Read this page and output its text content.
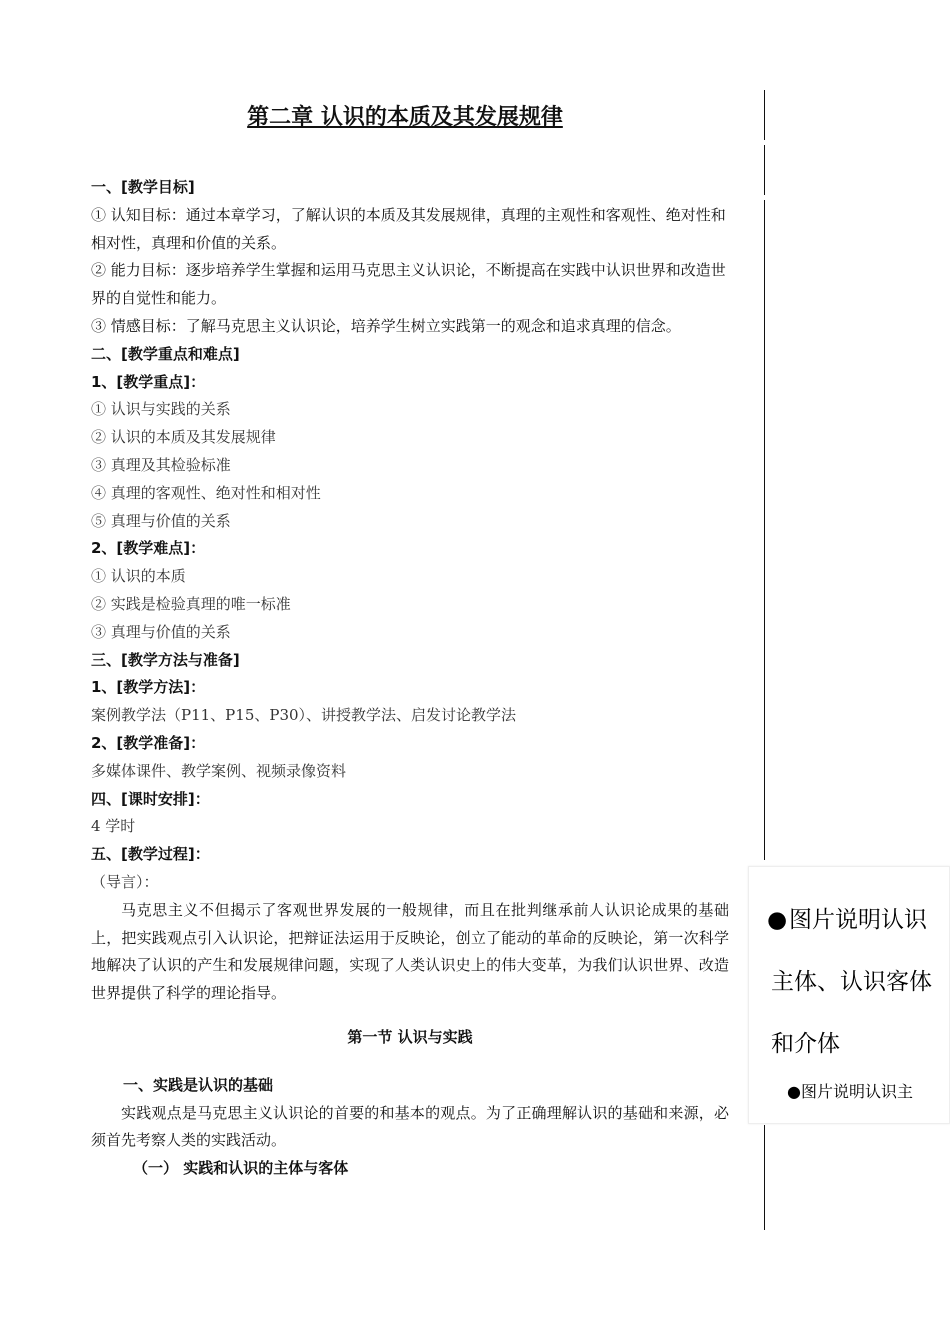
第二章 认识的本质及其发展规律

一、[教学目标]

① 认知目标：通过本章学习，了解认识的本质及其发展规律，真理的主观性和客观性、绝对性和相对性，真理和价值的关系。

② 能力目标：逐步培养学生掌握和运用马克思主义认识论，不断提高在实践中认识世界和改造世界的自觉性和能力。

③ 情感目标：了解马克思主义认识论，培养学生树立实践第一的观念和追求真理的信念。

二、[教学重点和难点]

1、[教学重点]：

① 认识与实践的关系

② 认识的本质及其发展规律

③ 真理及其检验标准

④ 真理的客观性、绝对性和相对性

⑤ 真理与价值的关系

2、[教学难点]：

① 认识的本质

② 实践是检验真理的唯一标准

③ 真理与价值的关系

三、[教学方法与准备]

1、[教学方法]：

案例教学法（P11、P15、P30）、讲授教学法、启发讨论教学法

2、[教学准备]：

多媒体课件、教学案例、视频录像资料

四、[课时安排]：

4 学时

五、[教学过程]：

（导言）：

马克思主义不但揭示了客观世界发展的一般规律，而且在批判继承前人认识论成果的基础上，把实践观点引入认识论，把辩证法运用于反映论，创立了能动的革命的反映论，第一次科学地解决了认识的产生和发展规律问题，实现了人类认识史上的伟大变革，为我们认识世界、改造世界提供了科学的理论指导。

第一节 认识与实践

一、实践是认识的基础

实践观点是马克思主义认识论的首要的和基本的观点。为了正确理解认识的基础和来源，必须首先考察人类的实践活动。

（一） 实践和认识的主体与客体

● 图片说明认识主体、认识客体和介体
●图片说明认识主
